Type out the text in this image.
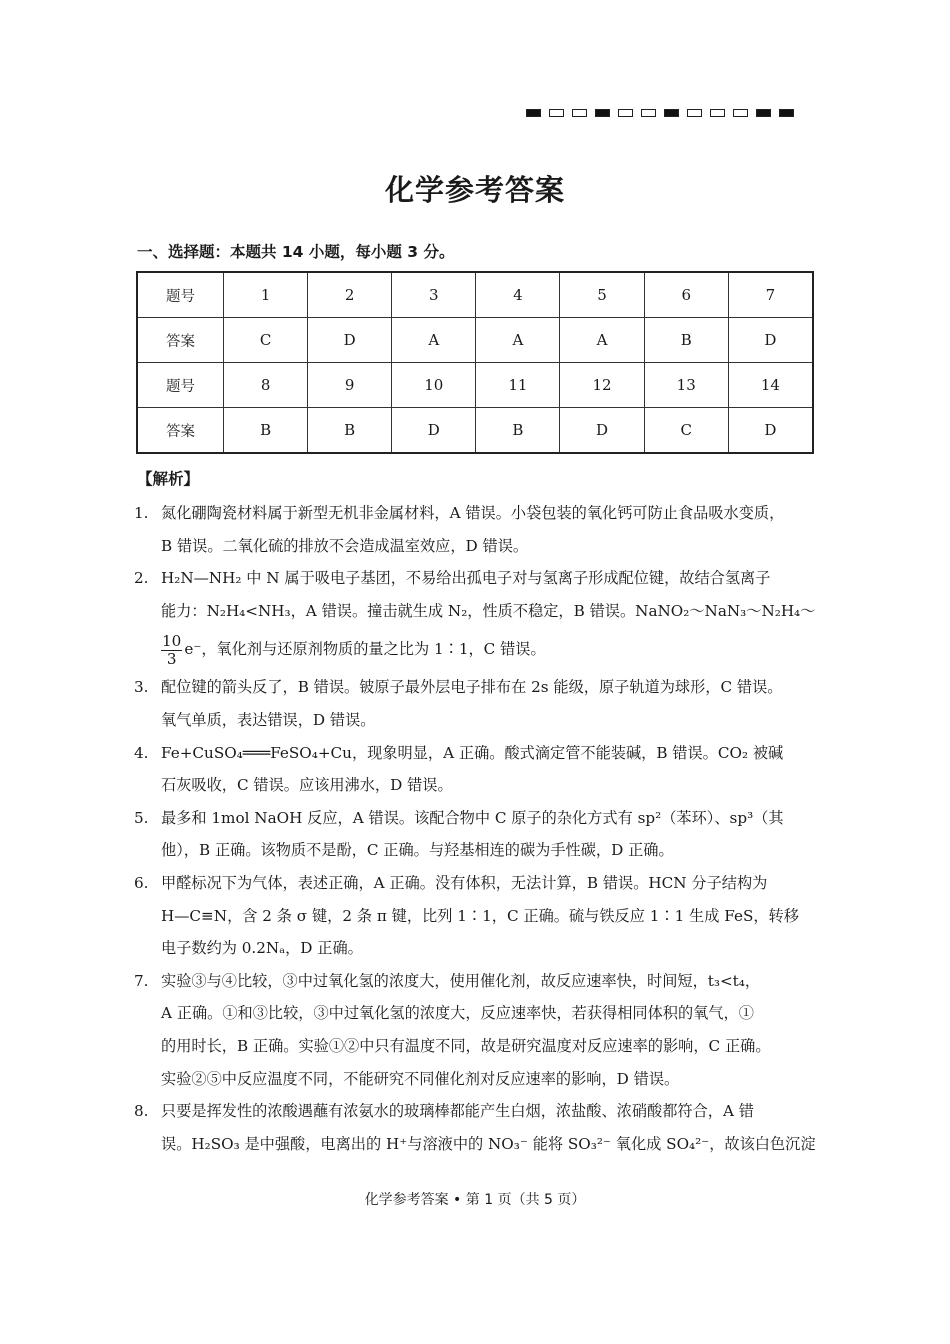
化学参考答案
一、选择题：本题共 14 小题，每小题 3 分。
题号	1	2	3	4	5	6	7
答案	C	D	A	A	A	B	D
题号	8	9	10	11	12	13	14
答案	B	B	D	B	D	C	D
【解析】
1. 氮化硼陶瓷材料属于新型无机非金属材料，A 错误。小袋包装的氧化钙可防止食品吸水变质，
B 错误。二氧化硫的排放不会造成温室效应，D 错误。
2. H₂N—NH₂ 中 N 属于吸电子基团，不易给出孤电子对与氢离子形成配位键，故结合氢离子
能力：N₂H₄<NH₃，A 错误。撞击就生成 N₂，性质不稳定，B 错误。NaNO₂～NaN₃～N₂H₄～
$\frac{10}{3} e^-$，氧化剂与还原剂物质的量之比为 1∶1，C 错误。
3. 配位键的箭头反了，B 错误。铍原子最外层电子排布在 2s 能级，原子轨道为球形，C 错误。
氧气单质，表达错误，D 错误。
4. Fe+CuSO₄═══FeSO₄+Cu，现象明显，A 正确。酸式滴定管不能装碱，B 错误。CO₂ 被碱
石灰吸收，C 错误。应该用沸水，D 错误。
5. 最多和 1mol NaOH 反应，A 错误。该配合物中 C 原子的杂化方式有 sp²（苯环）、sp³（其
他），B 正确。该物质不是酚，C 正确。与羟基相连的碳为手性碳，D 正确。
6. 甲醛标况下为气体，表述正确，A 正确。没有体积，无法计算，B 错误。HCN 分子结构为
H—C≡N，含 2 条 σ 键，2 条 π 键，比列 1∶1，C 正确。硫与铁反应 1∶1 生成 FeS，转移
电子数约为 0.2Nₐ，D 正确。
7. 实验③与④比较，③中过氧化氢的浓度大，使用催化剂，故反应速率快，时间短，t₃<t₄，
A 正确。①和③比较，③中过氧化氢的浓度大，反应速率快，若获得相同体积的氧气，①
的用时长，B 正确。实验①②中只有温度不同，故是研究温度对反应速率的影响，C 正确。
实验②⑤中反应温度不同，不能研究不同催化剂对反应速率的影响，D 错误。
8. 只要是挥发性的浓酸遇蘸有浓氨水的玻璃棒都能产生白烟，浓盐酸、浓硝酸都符合，A 错
误。H₂SO₃ 是中强酸，电离出的 H⁺与溶液中的 NO₃⁻ 能将 SO₃²⁻ 氧化成 SO₄²⁻，故该白色沉淀
化学参考答案 • 第 1 页（共 5 页）
